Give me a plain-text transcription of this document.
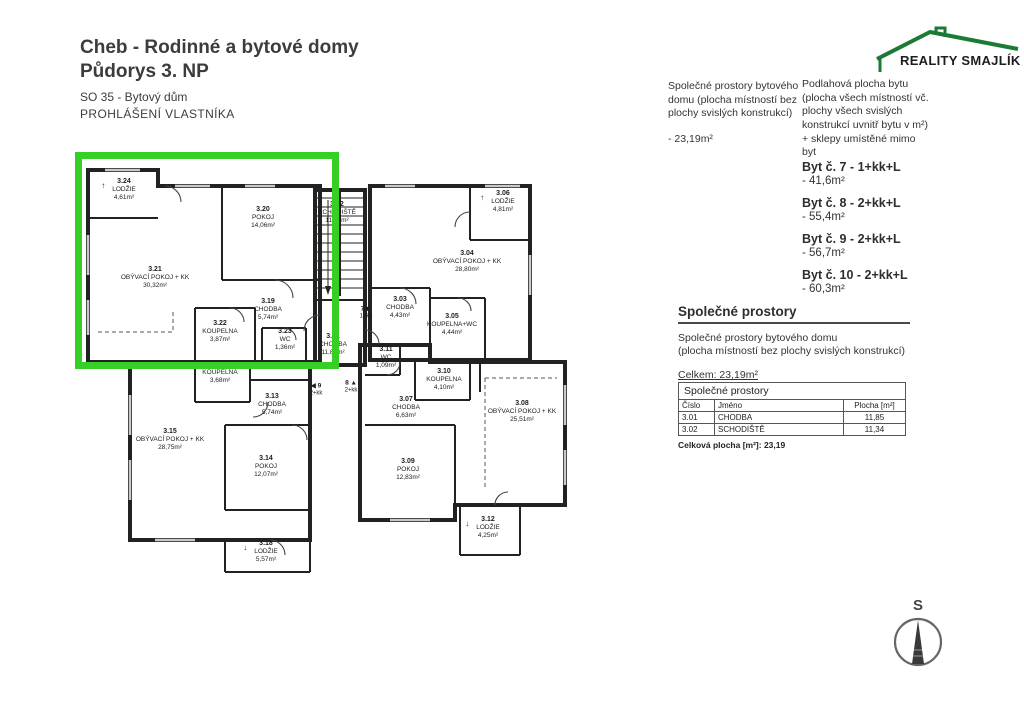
Cheb - Rodinné a bytové domy
Půdorys 3. NP
SO 35 - Bytový dům
PROHLÁŠENÍ VLASTNÍKA
REALITY SMAJLÍK
Společné prostory bytového domu (plocha místností bez plochy svislých konstrukcí)
- 23,19m²
Podlahová plocha bytu (plocha všech místností vč. plochy všech svislých konstrukcí uvnitř bytu v m²) + sklepy umístěné mimo byt
Byt č. 7 - 1+kk+L
- 41,6m²
Byt č. 8 - 2+kk+L
- 55,4m²
Byt č. 9 - 2+kk+L
- 56,7m²
Byt č. 10 - 2+kk+L
- 60,3m²
Společné prostory
Společné prostory bytového domu
(plocha místností bez plochy svislých konstrukcí)
Celkem: 23,19m²
Společné prostory		
Číslo	Jméno	Plocha [m²]
3.01	CHODBA	11,85
3.02	SCHODIŠTĚ	11,34
Celková plocha [m²]: 23,19
↑	3.24
LODŽIE
4,61m²
3.20
POKOJ
14,06m²
3.21
OBÝVACÍ POKOJ + KK
30,32m²
3.19
CHODBA
5,74m²
3.22
KOUPELNA
3,87m²
3.23
WC
1,36m²
3.02
SCHODIŠTĚ
11,34m²
↑	3.06
LODŽIE
4,81m²
3.04
OBÝVACÍ POKOJ + KK
28,80m²
3.03
CHODBA
4,43m²	3.05
KOUPELNA+WC
4,44m²
3.01
CHODBA
11,85m²
KOUPELNA
3,68m²
3.11
WC
1,09m²
3.10
KOUPELNA
4,10m²
3.13
CHODBA
5,74m²
3.15
OBÝVACÍ POKOJ + KK
28,75m²
3.14
POKOJ
12,07m²
3.07
CHODBA
6,63m²
3.08
OBÝVACÍ POKOJ + KK
25,51m²
3.09
POKOJ
12,83m²
↓	3.12
LODŽIE
4,25m²
↓	3.18
LODŽIE
5,57m²
7 ▶
1+kk
◀ 9
2+kk
8 ▲
2+kk
S
